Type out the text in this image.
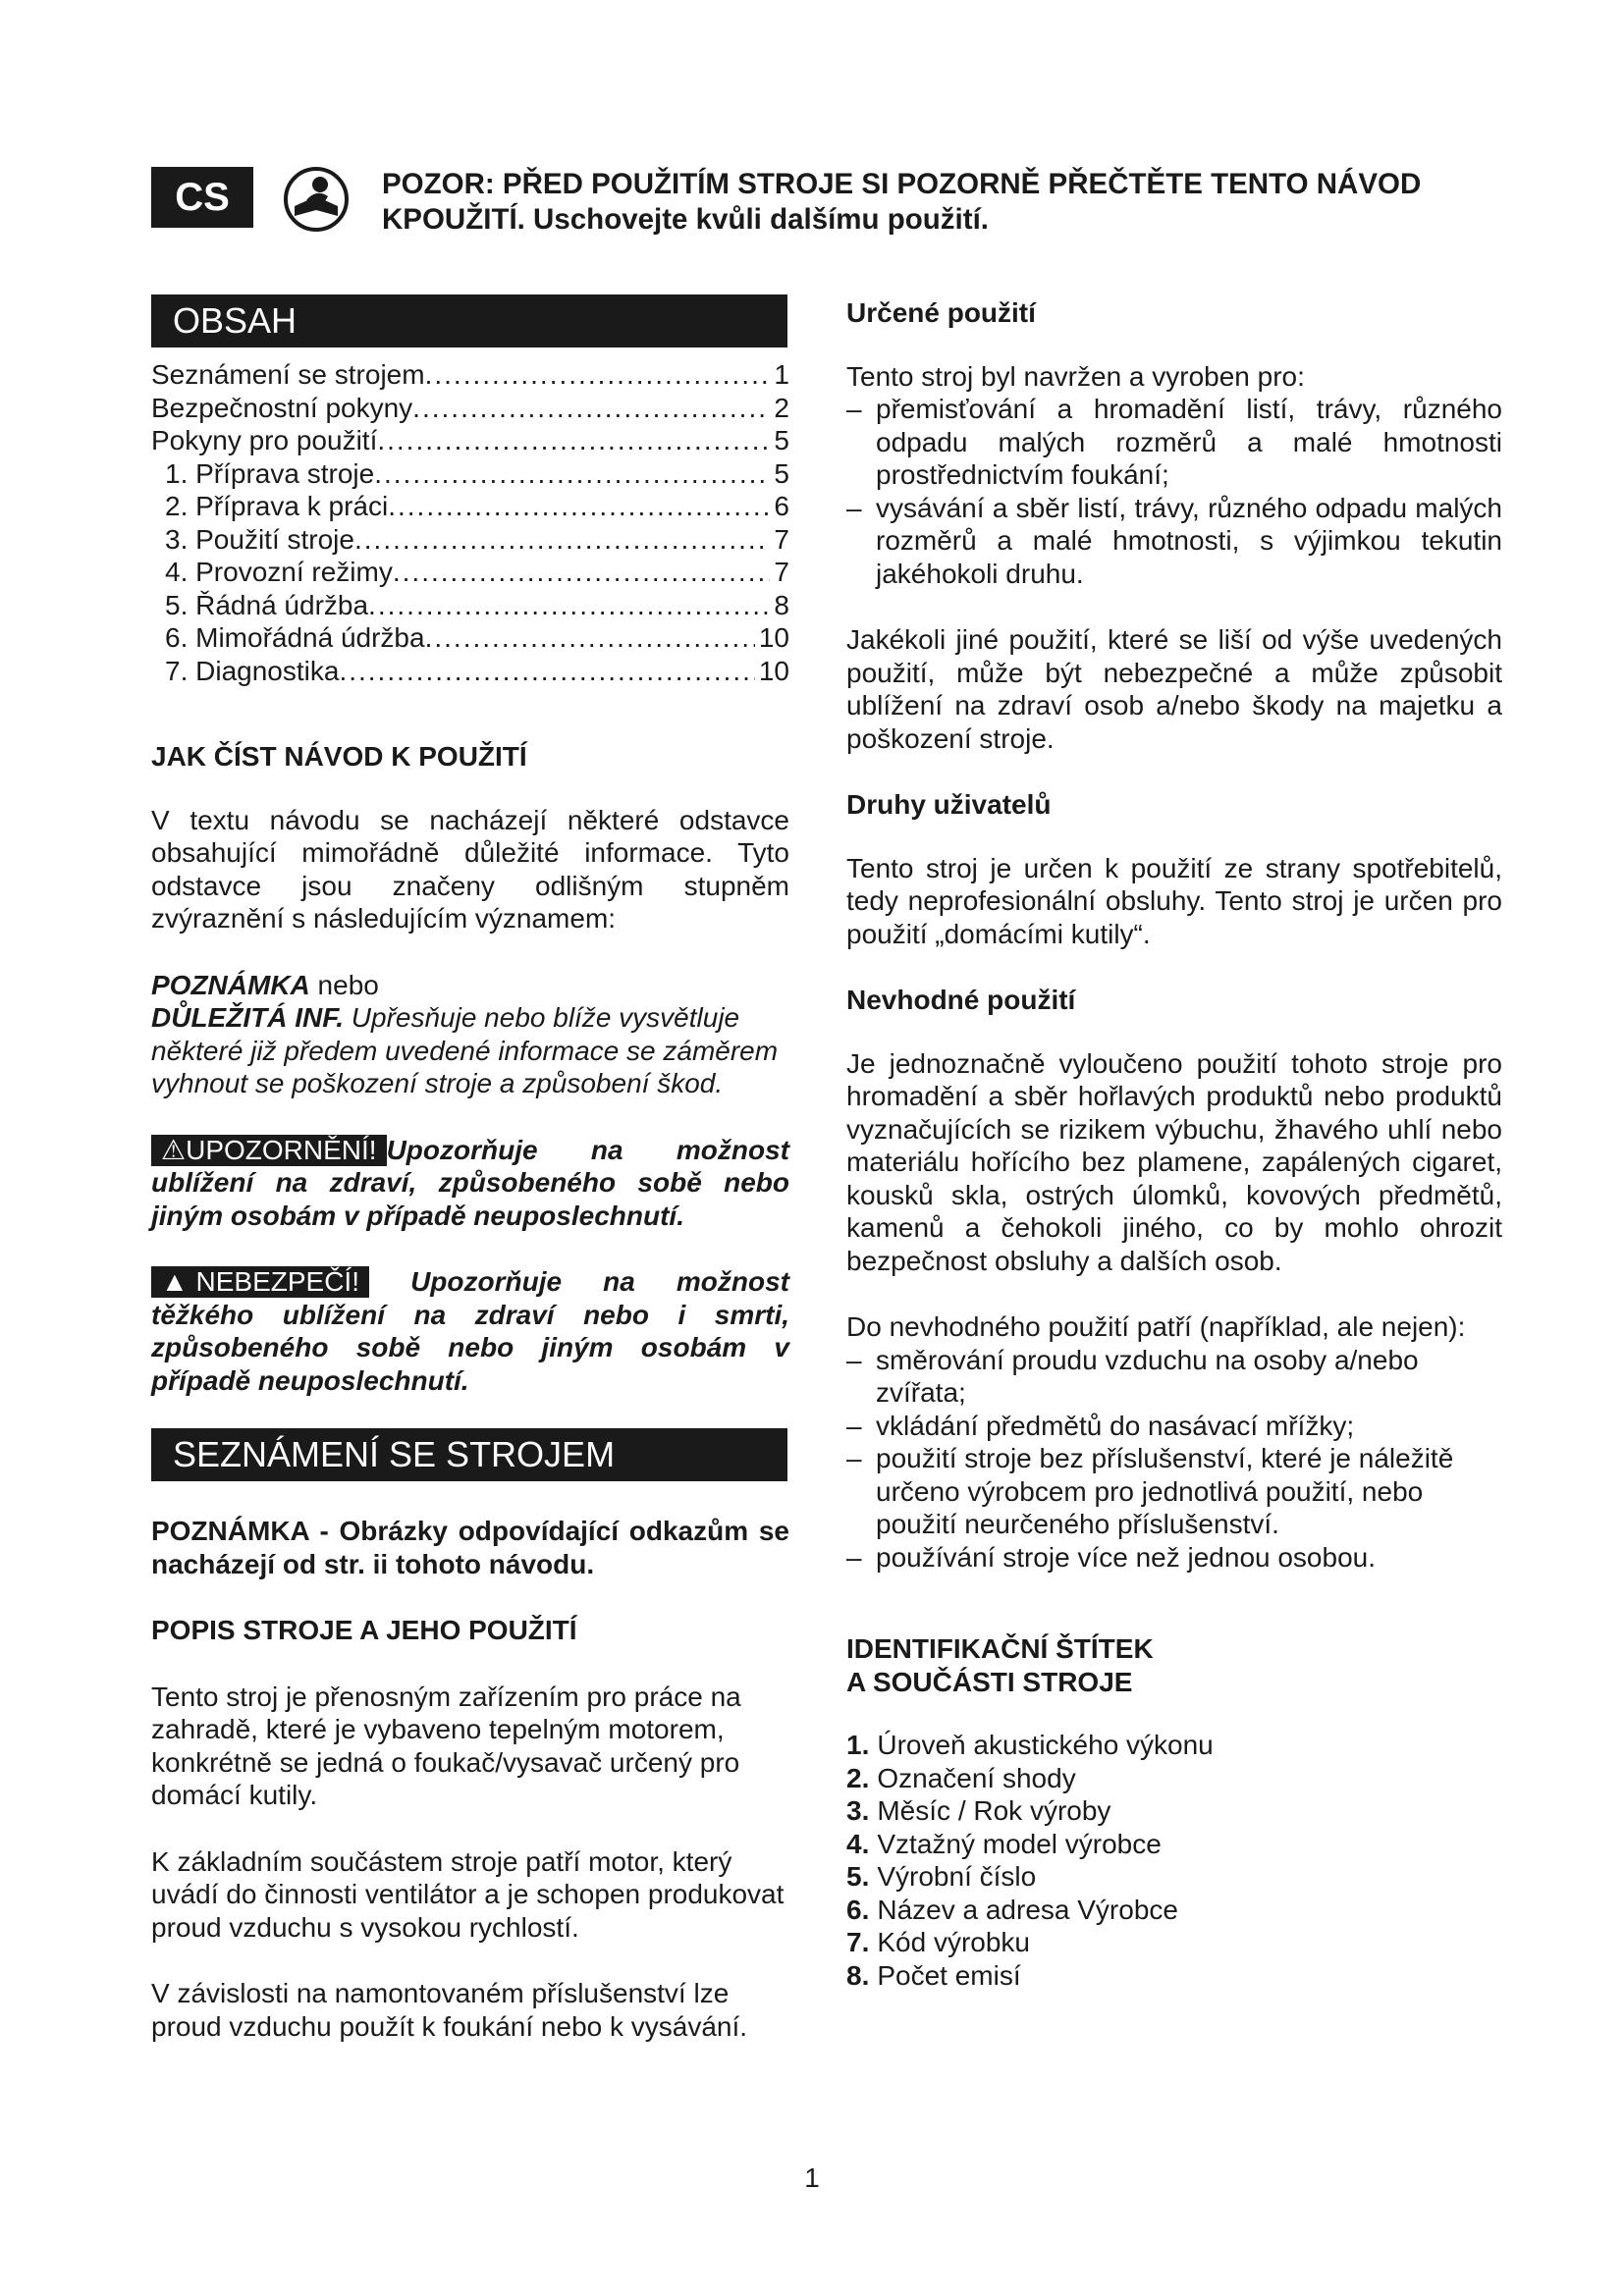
CS	POZOR: PŘED POUŽITÍM STROJE SI POZORNĚ PŘEČTĚTE TENTO NÁVOD
KPOUŽITÍ. Uschovejte kvůli dalšímu použití.
OBSAH
Seznámení se strojem .....	1
Bezpečnostní pokyny .....	2
Pokyny pro použití .....	5
1. Příprava stroje .....	5
2. Příprava k práci .....	6
3. Použití stroje .....	7
4. Provozní režimy .....	7
5. Řádná údržba .....	8
6. Mimořádná údržba .....	10
7. Diagnostika .....	10
JAK ČÍST NÁVOD K POUŽITÍ

V textu návodu se nacházejí některé odstavce obsahující mimořádně důležité informace. Tyto odstavce jsou značeny odlišným stupněm zvýraznění s následujícím významem:

POZNÁMKA nebo
DŮLEŽITÁ INF. Upřesňuje nebo blíže vysvětluje některé již předem uvedené informace se záměrem vyhnout se poškození stroje a způsobení škod.

⚠UPOZORNĚNÍ! Upozorňuje na možnost ublížení na zdraví, způsobeného sobě nebo jiným osobám v případě neuposlechnutí.

▲ NEBEZPEČÍ! Upozorňuje na možnost těžkého ublížení na zdraví nebo i smrti, způsobeného sobě nebo jiným osobám v případě neuposlechnutí.

SEZNÁMENÍ SE STROJEM

POZNÁMKA - Obrázky odpovídající odkazům se nacházejí od str. ii tohoto návodu.

POPIS STROJE A JEHO POUŽITÍ

Tento stroj je přenosným zařízením pro práce na zahradě, které je vybaveno tepelným motorem, konkrétně se jedná o foukač/vysavač určený pro domácí kutily.

K základním součástem stroje patří motor, který uvádí do činnosti ventilátor a je schopen produkovat proud vzduchu s vysokou rychlostí.

V závislosti na namontovaném příslušenství lze proud vzduchu použít k foukání nebo k vysávání.

Určené použití

Tento stroj byl navržen a vyroben pro:

– přemisťování a hromadění listí, trávy, různého odpadu malých rozměrů a malé hmotnosti prostřednictvím foukání;
– vysávání a sběr listí, trávy, různého odpadu malých rozměrů a malé hmotnosti, s výjimkou tekutin jakéhokoli druhu.

Jakékoli jiné použití, které se liší od výše uvedených použití, může být nebezpečné a může způsobit ublížení na zdraví osob a/nebo škody na majetku a poškození stroje.

Druhy uživatelů

Tento stroj je určen k použití ze strany spotřebitelů, tedy neprofesionální obsluhy. Tento stroj je určen pro použití „domácími kutily“.

Nevhodné použití

Je jednoznačně vyloučeno použití tohoto stroje pro hromadění a sběr hořlavých produktů nebo produktů vyznačujících se rizikem výbuchu, žhavého uhlí nebo materiálu hořícího bez plamene, zapálených cigaret, kousků skla, ostrých úlomků, kovových předmětů, kamenů a čehokoli jiného, co by mohlo ohrozit bezpečnost obsluhy a dalších osob.

Do nevhodného použití patří (například, ale nejen):

– směrování proudu vzduchu na osoby a/nebo zvířata;
– vkládání předmětů do nasávací mřížky;
– použití stroje bez příslušenství, které je náležitě určeno výrobcem pro jednotlivá použití, nebo použití neurčeného příslušenství.
– používání stroje více než jednou osobou.
IDENTIFIKAČNÍ ŠTÍTEK
A SOUČÁSTI STROJE
1. Úroveň akustického výkonu
2. Označení shody
3. Měsíc / Rok výroby
4. Vztažný model výrobce
5. Výrobní číslo
6. Název a adresa Výrobce
7. Kód výrobku
8. Počet emisí
1
